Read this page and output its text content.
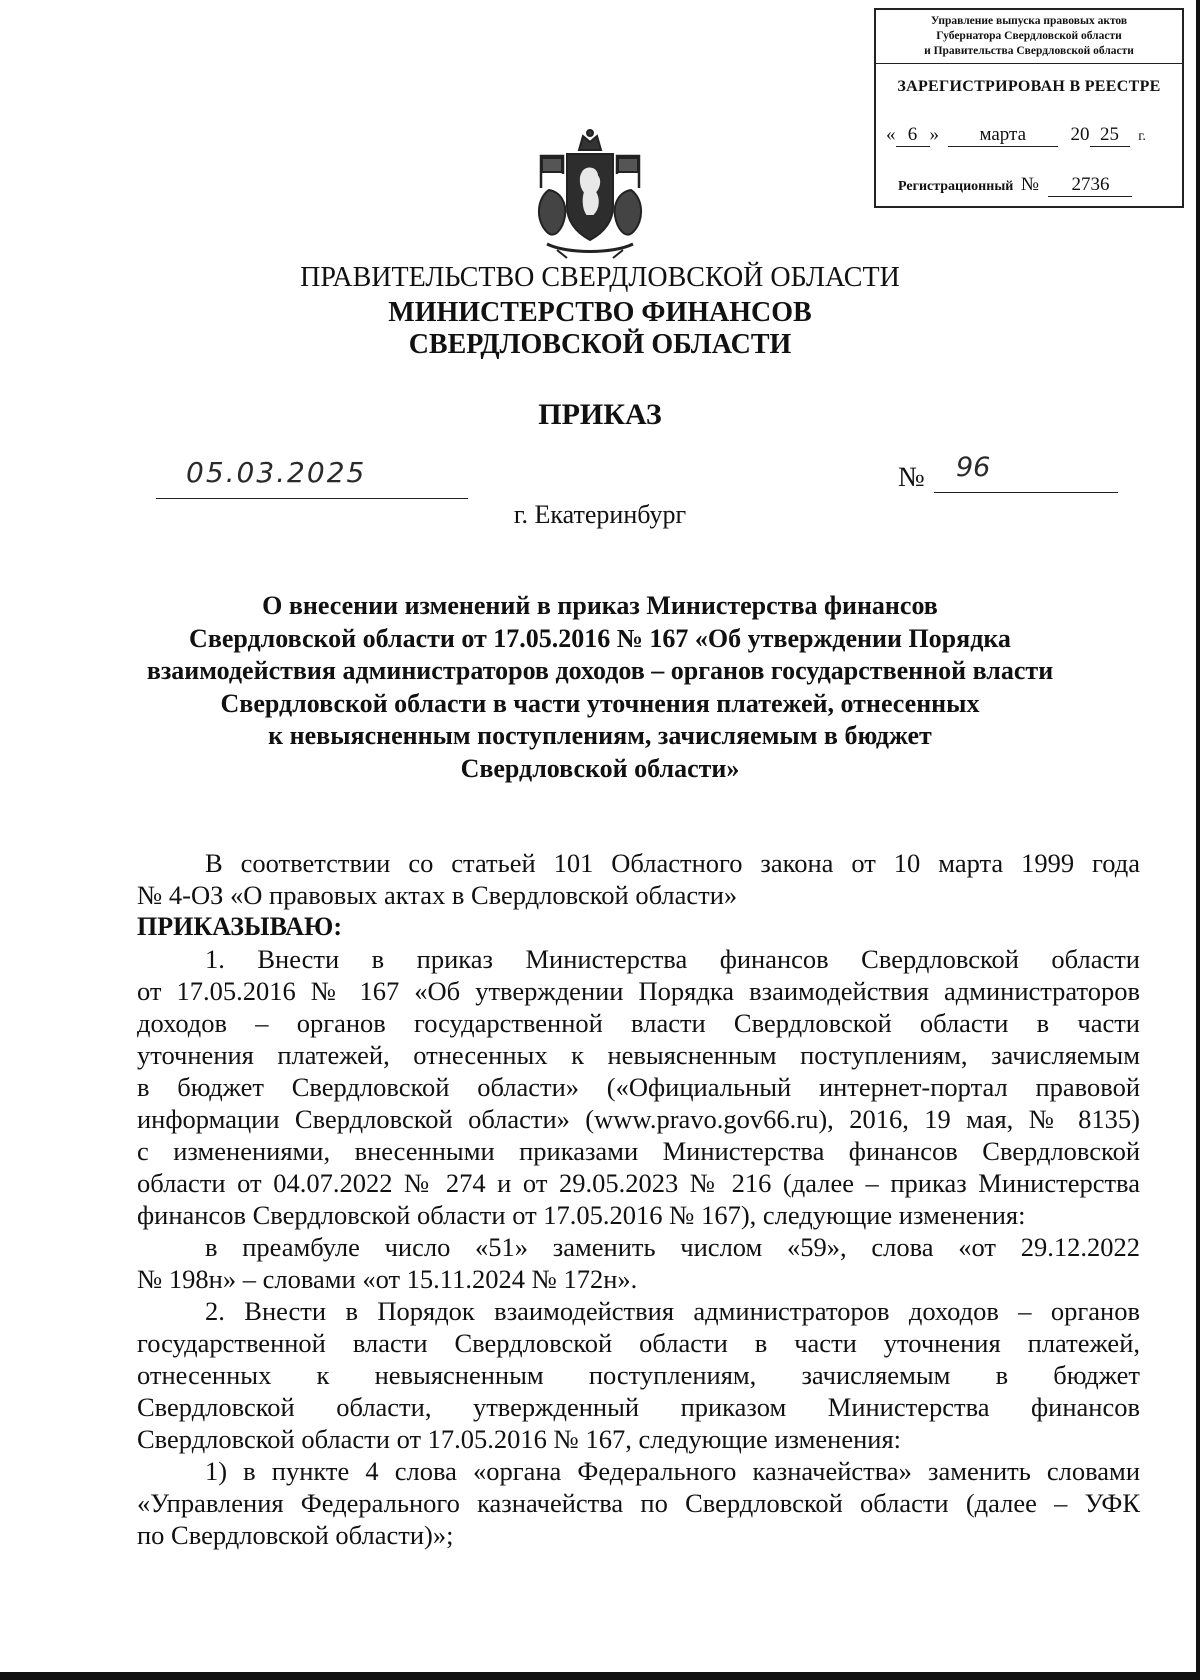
Управление выпуска правовых актов
Губернатора Свердловской области
и Правительства Свердловской области
ЗАРЕГИСТРИРОВАН В РЕЕСТРЕ
« 6 » марта 20 25 г.
Регистрационный № 2736
ПРАВИТЕЛЬСТВО СВЕРДЛОВСКОЙ ОБЛАСТИ
МИНИСТЕРСТВО ФИНАНСОВ
СВЕРДЛОВСКОЙ ОБЛАСТИ
ПРИКАЗ
05.03.2025	№ 96
г. Екатеринбург
О внесении изменений в приказ Министерства финансов
Свердловской области от 17.05.2016 № 167 «Об утверждении Порядка
взаимодействия администраторов доходов – органов государственной власти
Свердловской области в части уточнения платежей, отнесенных
к невыясненным поступлениям, зачисляемым в бюджет
Свердловской области»

В соответствии со статьей 101 Областного закона от 10 марта 1999 года

№ 4-ОЗ «О правовых актах в Свердловской области»

ПРИКАЗЫВАЮ:

1. Внести в приказ Министерства финансов Свердловской области

от 17.05.2016 № 167 «Об утверждении Порядка взаимодействия администраторов

доходов – органов государственной власти Свердловской области в части

уточнения платежей, отнесенных к невыясненным поступлениям, зачисляемым

в бюджет Свердловской области» («Официальный интернет-портал правовой

информации Свердловской области» (www.pravo.gov66.ru), 2016, 19 мая, № 8135)

с изменениями, внесенными приказами Министерства финансов Свердловской

области от 04.07.2022 № 274 и от 29.05.2023 № 216 (далее – приказ Министерства

финансов Свердловской области от 17.05.2016 № 167), следующие изменения:

в преамбуле число «51» заменить числом «59», слова «от 29.12.2022

№ 198н» – словами «от 15.11.2024 № 172н».

2. Внести в Порядок взаимодействия администраторов доходов – органов

государственной власти Свердловской области в части уточнения платежей,

отнесенных к невыясненным поступлениям, зачисляемым в бюджет

Свердловской области, утвержденный приказом Министерства финансов

Свердловской области от 17.05.2016 № 167, следующие изменения:

1) в пункте 4 слова «органа Федерального казначейства» заменить словами

«Управления Федерального казначейства по Свердловской области (далее – УФК

по Свердловской области)»;
